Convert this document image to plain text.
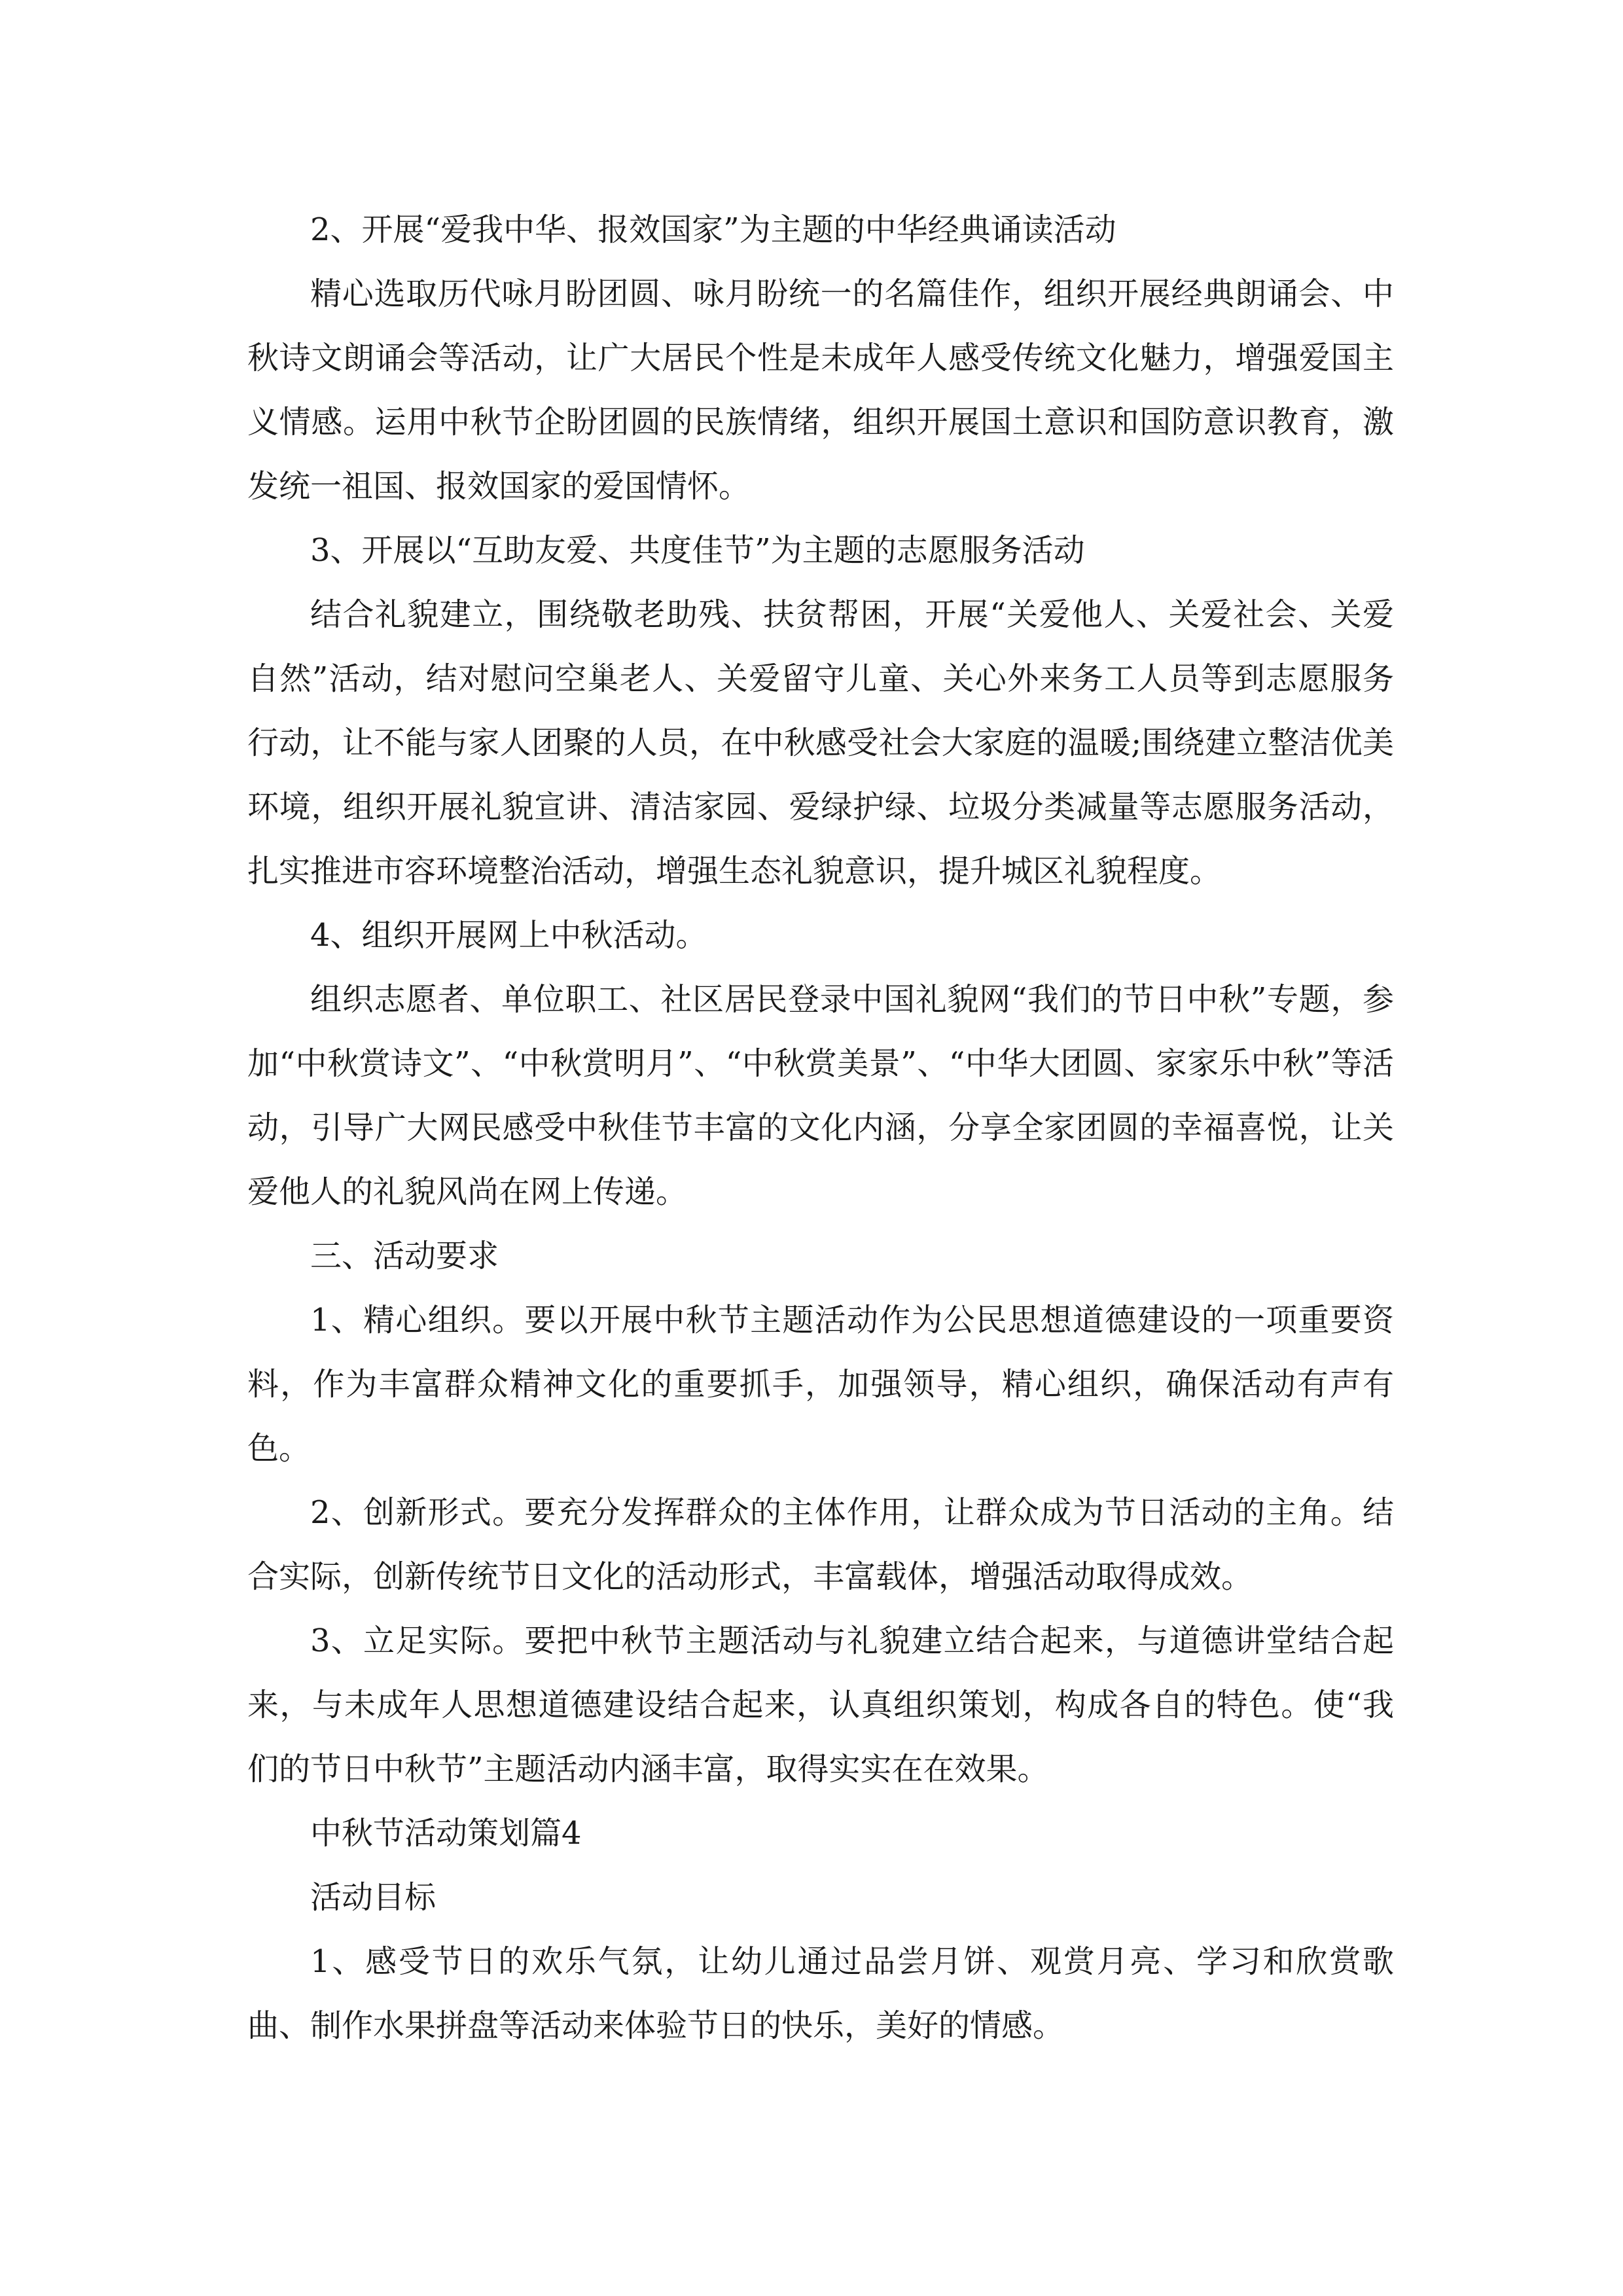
2、开展“爱我中华、报效国家”为主题的中华经典诵读活动

精心选取历代咏月盼团圆、咏月盼统一的名篇佳作，组织开展经典朗诵会、中秋诗文朗诵会等活动，让广大居民个性是未成年人感受传统文化魅力，增强爱国主义情感。运用中秋节企盼团圆的民族情绪，组织开展国土意识和国防意识教育，激发统一祖国、报效国家的爱国情怀。

3、开展以“互助友爱、共度佳节”为主题的志愿服务活动

结合礼貌建立，围绕敬老助残、扶贫帮困，开展“关爱他人、关爱社会、关爱自然”活动，结对慰问空巢老人、关爱留守儿童、关心外来务工人员等到志愿服务行动，让不能与家人团聚的人员，在中秋感受社会大家庭的温暖;围绕建立整洁优美环境，组织开展礼貌宣讲、清洁家园、爱绿护绿、垃圾分类减量等志愿服务活动，扎实推进市容环境整治活动，增强生态礼貌意识，提升城区礼貌程度。

4、组织开展网上中秋活动。

组织志愿者、单位职工、社区居民登录中国礼貌网“我们的节日中秋”专题，参加“中秋赏诗文”、“中秋赏明月”、“中秋赏美景”、“中华大团圆、家家乐中秋”等活动，引导广大网民感受中秋佳节丰富的文化内涵，分享全家团圆的幸福喜悦，让关爱他人的礼貌风尚在网上传递。

三、活动要求

1、精心组织。要以开展中秋节主题活动作为公民思想道德建设的一项重要资料，作为丰富群众精神文化的重要抓手，加强领导，精心组织，确保活动有声有色。

2、创新形式。要充分发挥群众的主体作用，让群众成为节日活动的主角。结合实际，创新传统节日文化的活动形式，丰富载体，增强活动取得成效。

3、立足实际。要把中秋节主题活动与礼貌建立结合起来，与道德讲堂结合起来，与未成年人思想道德建设结合起来，认真组织策划，构成各自的特色。使“我们的节日中秋节”主题活动内涵丰富，取得实实在在效果。

中秋节活动策划篇4

活动目标

1、感受节日的欢乐气氛，让幼儿通过品尝月饼、观赏月亮、学习和欣赏歌曲、制作水果拼盘等活动来体验节日的快乐，美好的情感。
